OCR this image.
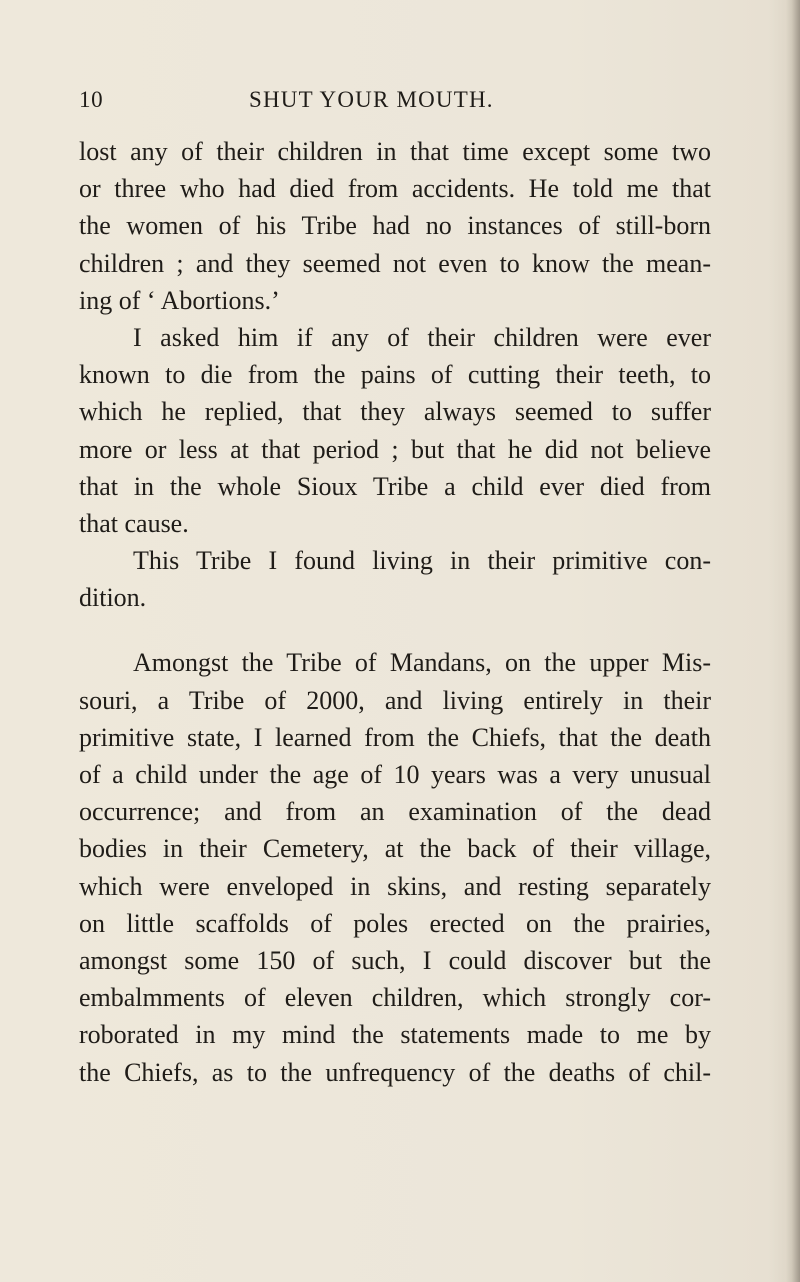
10	SHUT YOUR MOUTH.
lost any of their children in that time except some two
or three who had died from accidents. He told me that
the women of his Tribe had no instances of still-born
children ; and they seemed not even to know the mean-
ing of ‘ Abortions.’
I asked him if any of their children were ever
known to die from the pains of cutting their teeth, to
which he replied, that they always seemed to suffer
more or less at that period ; but that he did not believe
that in the whole Sioux Tribe a child ever died from
that cause.
This Tribe I found living in their primitive con-
dition.
Amongst the Tribe of Mandans, on the upper Mis-
souri, a Tribe of 2000, and living entirely in their
primitive state, I learned from the Chiefs, that the death
of a child under the age of 10 years was a very unusual
occurrence; and from an examination of the dead
bodies in their Cemetery, at the back of their village,
which were enveloped in skins, and resting separately
on little scaffolds of poles erected on the prairies,
amongst some 150 of such, I could discover but the
embalmments of eleven children, which strongly cor-
roborated in my mind the statements made to me by
the Chiefs, as to the unfrequency of the deaths of chil-
